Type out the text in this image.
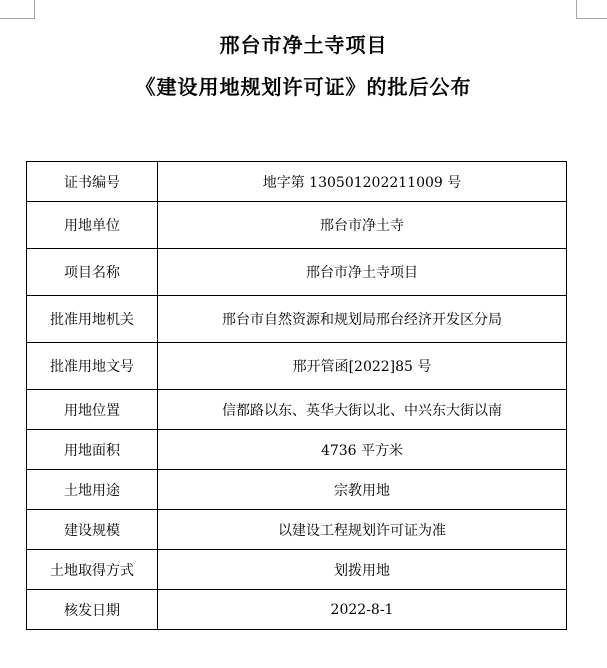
邢台市净土寺项目
《建设用地规划许可证》的批后公布
证书编号	地字第 130501202211009 号
用地单位	邢台市净土寺
项目名称	邢台市净土寺项目
批准用地机关	邢台市自然资源和规划局邢台经济开发区分局
批准用地文号	邢开管函[2022]85 号
用地位置	信都路以东、英华大街以北、中兴东大街以南
用地面积	4736 平方米
土地用途	宗教用地
建设规模	以建设工程规划许可证为准
土地取得方式	划拨用地
核发日期	2022-8-1
